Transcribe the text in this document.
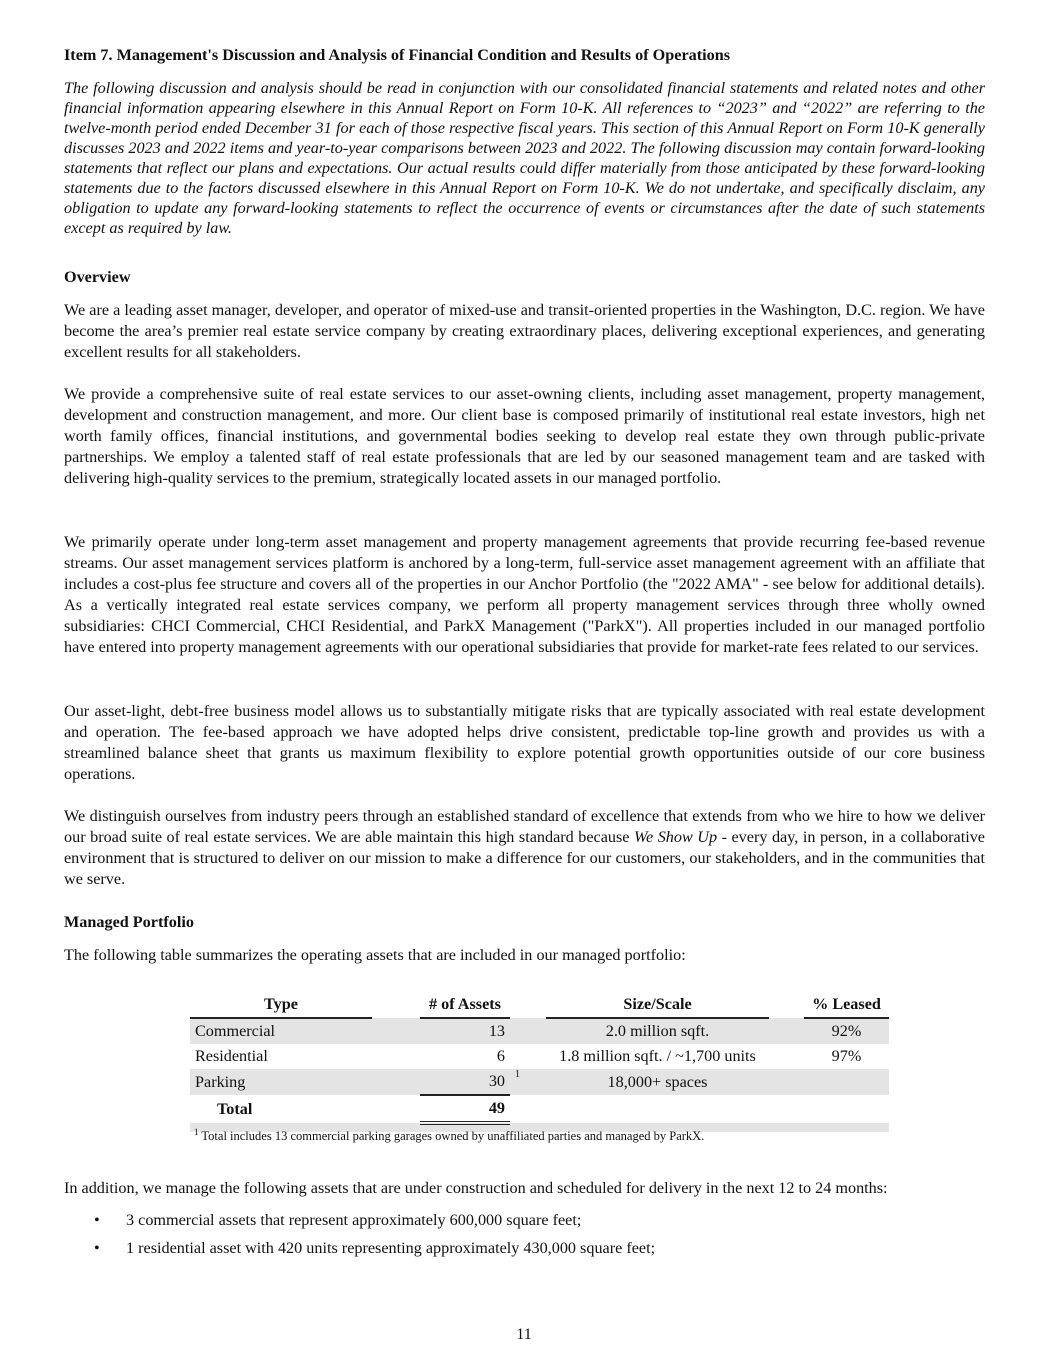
Item 7. Management's Discussion and Analysis of Financial Condition and Results of Operations
The following discussion and analysis should be read in conjunction with our consolidated financial statements and related notes and other financial information appearing elsewhere in this Annual Report on Form 10-K. All references to “2023” and “2022” are referring to the twelve-month period ended December 31 for each of those respective fiscal years. This section of this Annual Report on Form 10-K generally discusses 2023 and 2022 items and year-to-year comparisons between 2023 and 2022. The following discussion may contain forward-looking statements that reflect our plans and expectations. Our actual results could differ materially from those anticipated by these forward-looking statements due to the factors discussed elsewhere in this Annual Report on Form 10-K. We do not undertake, and specifically disclaim, any obligation to update any forward-looking statements to reflect the occurrence of events or circumstances after the date of such statements except as required by law.
Overview
We are a leading asset manager, developer, and operator of mixed-use and transit-oriented properties in the Washington, D.C. region. We have become the area’s premier real estate service company by creating extraordinary places, delivering exceptional experiences, and generating excellent results for all stakeholders.
We provide a comprehensive suite of real estate services to our asset-owning clients, including asset management, property management, development and construction management, and more. Our client base is composed primarily of institutional real estate investors, high net worth family offices, financial institutions, and governmental bodies seeking to develop real estate they own through public-private partnerships. We employ a talented staff of real estate professionals that are led by our seasoned management team and are tasked with delivering high-quality services to the premium, strategically located assets in our managed portfolio.
We primarily operate under long-term asset management and property management agreements that provide recurring fee-based revenue streams. Our asset management services platform is anchored by a long-term, full-service asset management agreement with an affiliate that includes a cost-plus fee structure and covers all of the properties in our Anchor Portfolio (the "2022 AMA" - see below for additional details). As a vertically integrated real estate services company, we perform all property management services through three wholly owned subsidiaries: CHCI Commercial, CHCI Residential, and ParkX Management ("ParkX"). All properties included in our managed portfolio have entered into property management agreements with our operational subsidiaries that provide for market-rate fees related to our services.
Our asset-light, debt-free business model allows us to substantially mitigate risks that are typically associated with real estate development and operation. The fee-based approach we have adopted helps drive consistent, predictable top-line growth and provides us with a streamlined balance sheet that grants us maximum flexibility to explore potential growth opportunities outside of our core business operations.
We distinguish ourselves from industry peers through an established standard of excellence that extends from who we hire to how we deliver our broad suite of real estate services. We are able maintain this high standard because We Show Up - every day, in person, in a collaborative environment that is structured to deliver on our mission to make a difference for our customers, our stakeholders, and in the communities that we serve.
Managed Portfolio
The following table summarizes the operating assets that are included in our managed portfolio:
Type		# of Assets		Size/Scale		% Leased
Commercial		13		2.0 million sqft.		92%
Residential		6		1.8 million sqft. / ~1,700 units		97%
Parking		30	1	18,000+ spaces		
Total		49				

$^1$ Total includes 13 commercial parking garages owned by unaffiliated parties and managed by ParkX.
In addition, we manage the following assets that are under construction and scheduled for delivery in the next 12 to 24 months:
• 3 commercial assets that represent approximately 600,000 square feet;
• 1 residential asset with 420 units representing approximately 430,000 square feet;
11
